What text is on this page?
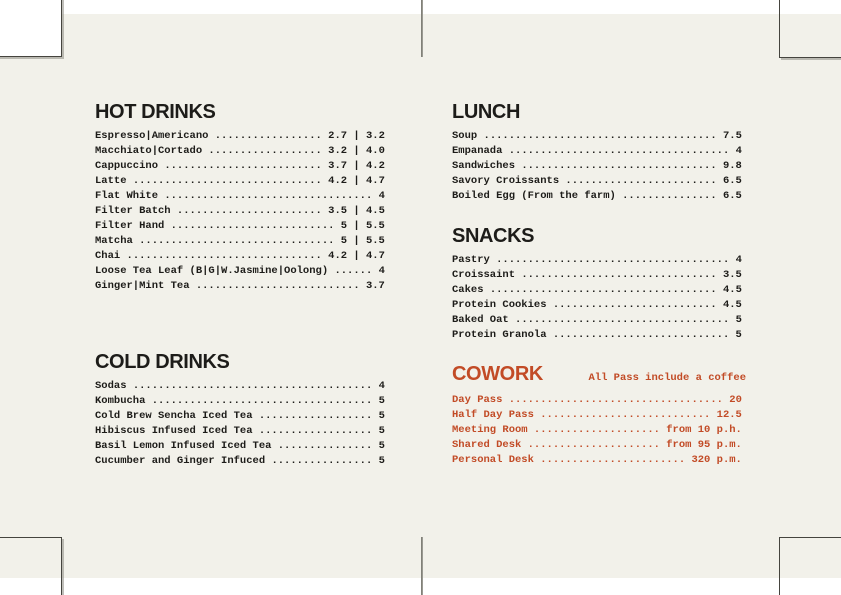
HOT DRINKS
Espresso|Americano ................. 2.7 | 3.2
Macchiato|Cortado .................. 3.2 | 4.0
Cappuccino ......................... 3.7 | 4.2
Latte .............................. 4.2 | 4.7
Flat White ................................. 4
Filter Batch ....................... 3.5 | 4.5
Filter Hand .......................... 5 | 5.5
Matcha ............................... 5 | 5.5
Chai ............................... 4.2 | 4.7
Loose Tea Leaf (B|G|W.Jasmine|Oolong) ...... 4
Ginger|Mint Tea .......................... 3.7
COLD DRINKS
Sodas ...................................... 4
Kombucha ................................... 5
Cold Brew Sencha Iced Tea .................. 5
Hibiscus Infused Iced Tea .................. 5
Basil Lemon Infused Iced Tea ............... 5
Cucumber and Ginger Infuced ................ 5
LUNCH
Soup ..................................... 7.5
Empanada ................................... 4
Sandwiches ............................... 9.8
Savory Croissants ........................ 6.5
Boiled Egg (From the farm) ............... 6.5
SNACKS
Pastry ..................................... 4
Croissaint ............................... 3.5
Cakes .................................... 4.5
Protein Cookies .......................... 4.5
Baked Oat .................................. 5
Protein Granola ............................ 5
COWORK	All Pass include a coffee
Day Pass .................................. 20
Half Day Pass ........................... 12.5
Meeting Room .................... from 10 p.h.
Shared Desk ..................... from 95 p.m.
Personal Desk ....................... 320 p.m.
